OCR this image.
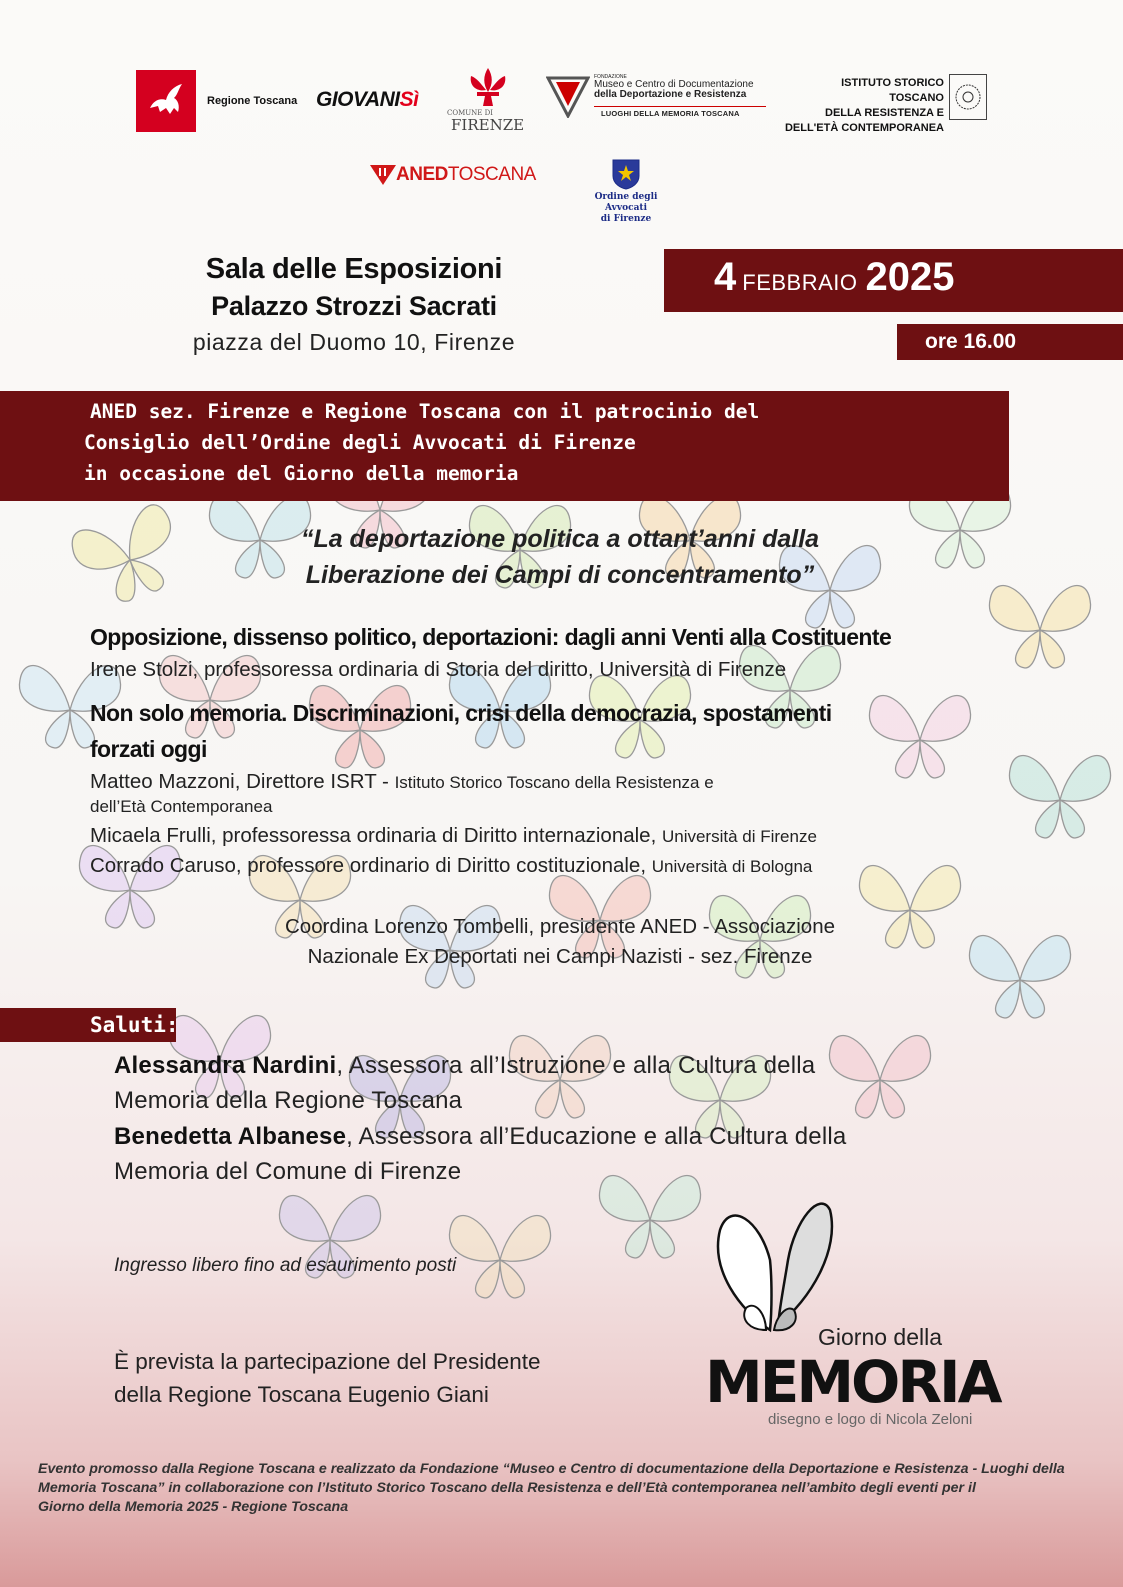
Regione Toscana GIOVANISì
COMUNE DI
FIRENZE
FONDAZIONE
Museo e Centro di Documentazione
della Deportazione e Resistenza
LUOGHI DELLA MEMORIA TOSCANA
ISTITUTO STORICO TOSCANO
DELLA RESISTENZA E
DELL'ETÀ CONTEMPORANEA
ANEDTOSCANA
Ordine degli Avvocati
di Firenze

Sala delle Esposizioni

Palazzo Strozzi Sacrati

piazza del Duomo 10, Firenze

4 FEBBRAIO 2025
ore 16.00
ANED sez. Firenze e Regione Toscana con il patrocinio del
Consiglio dell’Ordine degli Avvocati di Firenze
in occasione del Giorno della memoria
“La deportazione politica a ottant’anni dalla
Liberazione dei Campi di concentramento”
Opposizione, dissenso politico, deportazioni: dagli anni Venti alla Costituente
Irene Stolzi, professoressa ordinaria di Storia del diritto, Università di Firenze
Non solo memoria. Discriminazioni, crisi della democrazia, spostamenti
forzati oggi
Matteo Mazzoni, Direttore ISRT - Istituto Storico Toscano della Resistenza e
dell’Età Contemporanea
Micaela Frulli, professoressa ordinaria di Diritto internazionale, Università di Firenze
Corrado Caruso, professore ordinario di Diritto costituzionale, Università di Bologna
Coordina Lorenzo Tombelli, presidente ANED - Associazione
Nazionale Ex Deportati nei Campi Nazisti - sez. Firenze
Saluti:
Alessandra Nardini, Assessora all’Istruzione e alla Cultura della
Memoria della Regione Toscana
Benedetta Albanese, Assessora all’Educazione e alla Cultura della
Memoria del Comune di Firenze
Ingresso libero fino ad esaurimento posti
È prevista la partecipazione del Presidente
della Regione Toscana Eugenio Giani
Giorno della
MEMORIA
disegno e logo di Nicola Zeloni
Evento promosso dalla Regione Toscana e realizzato da Fondazione “Museo e Centro di documentazione della Deportazione e Resistenza - Luoghi della
Memoria Toscana” in collaborazione con l’Istituto Storico Toscano della Resistenza e dell’Età contemporanea nell’ambito degli eventi per il
Giorno della Memoria 2025 - Regione Toscana
